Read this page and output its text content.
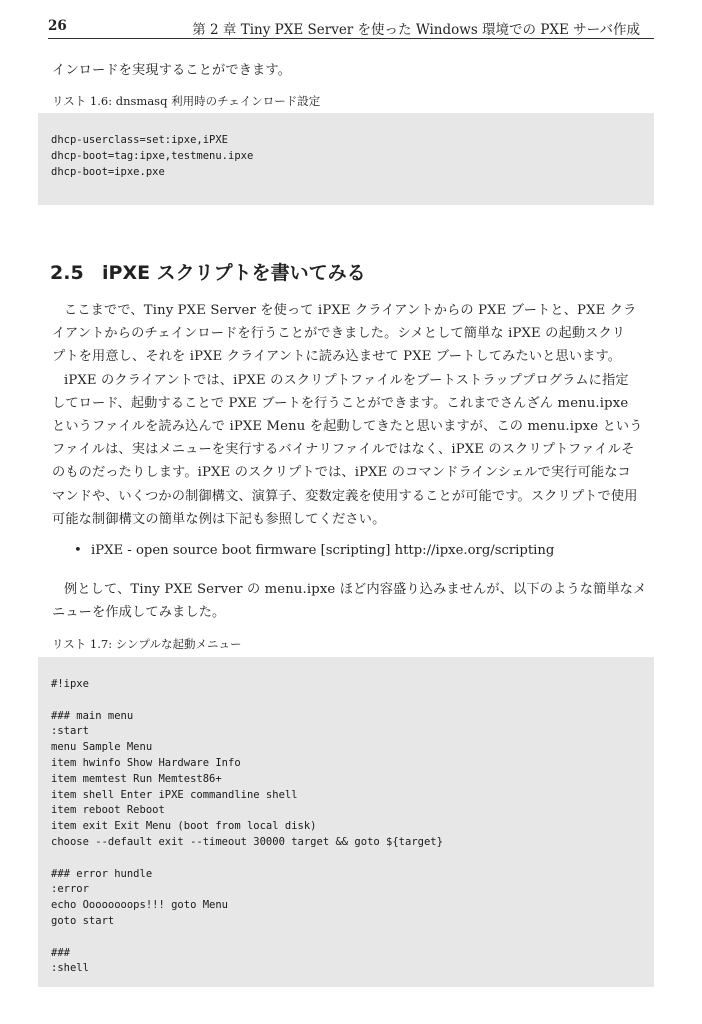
26	第 2 章 Tiny PXE Server を使った Windows 環境での PXE サーバ作成
インロードを実現することができます。
リスト 1.6: dnsmasq 利用時のチェインロード設定
dhcp-userclass=set:ipxe,iPXE
dhcp-boot=tag:ipxe,testmenu.ipxe
dhcp-boot=ipxe.pxe
2.5 iPXE スクリプトを書いてみる
ここまでで、Tiny PXE Server を使って iPXE クライアントからの PXE ブートと、PXE クラ
イアントからのチェインロードを行うことができました。シメとして簡単な iPXE の起動スクリ
プトを用意し、それを iPXE クライアントに読み込ませて PXE ブートしてみたいと思います。
iPXE のクライアントでは、iPXE のスクリプトファイルをブートストラッププログラムに指定
してロード、起動することで PXE ブートを行うことができます。これまでさんざん menu.ipxe
というファイルを読み込んで iPXE Menu を起動してきたと思いますが、この menu.ipxe という
ファイルは、実はメニューを実行するバイナリファイルではなく、iPXE のスクリプトファイルそ
のものだったりします。iPXE のスクリプトでは、iPXE のコマンドラインシェルで実行可能なコ
マンドや、いくつかの制御構文、演算子、変数定義を使用することが可能です。スクリプトで使用
可能な制御構文の簡単な例は下記も参照してください。
• iPXE - open source boot firmware [scripting] http://ipxe.org/scripting
例として、Tiny PXE Server の menu.ipxe ほど内容盛り込みませんが、以下のような簡単なメ
ニューを作成してみました。
リスト 1.7: シンプルな起動メニュー
#!ipxe
### main menu
:start
menu Sample Menu
item hwinfo Show Hardware Info
item memtest Run Memtest86+
item shell Enter iPXE commandline shell
item reboot Reboot
item exit Exit Menu (boot from local disk)
choose --default exit --timeout 30000 target && goto ${target}
### error hundle
:error
echo Oooooooops!!! goto Menu
goto start
###
:shell
